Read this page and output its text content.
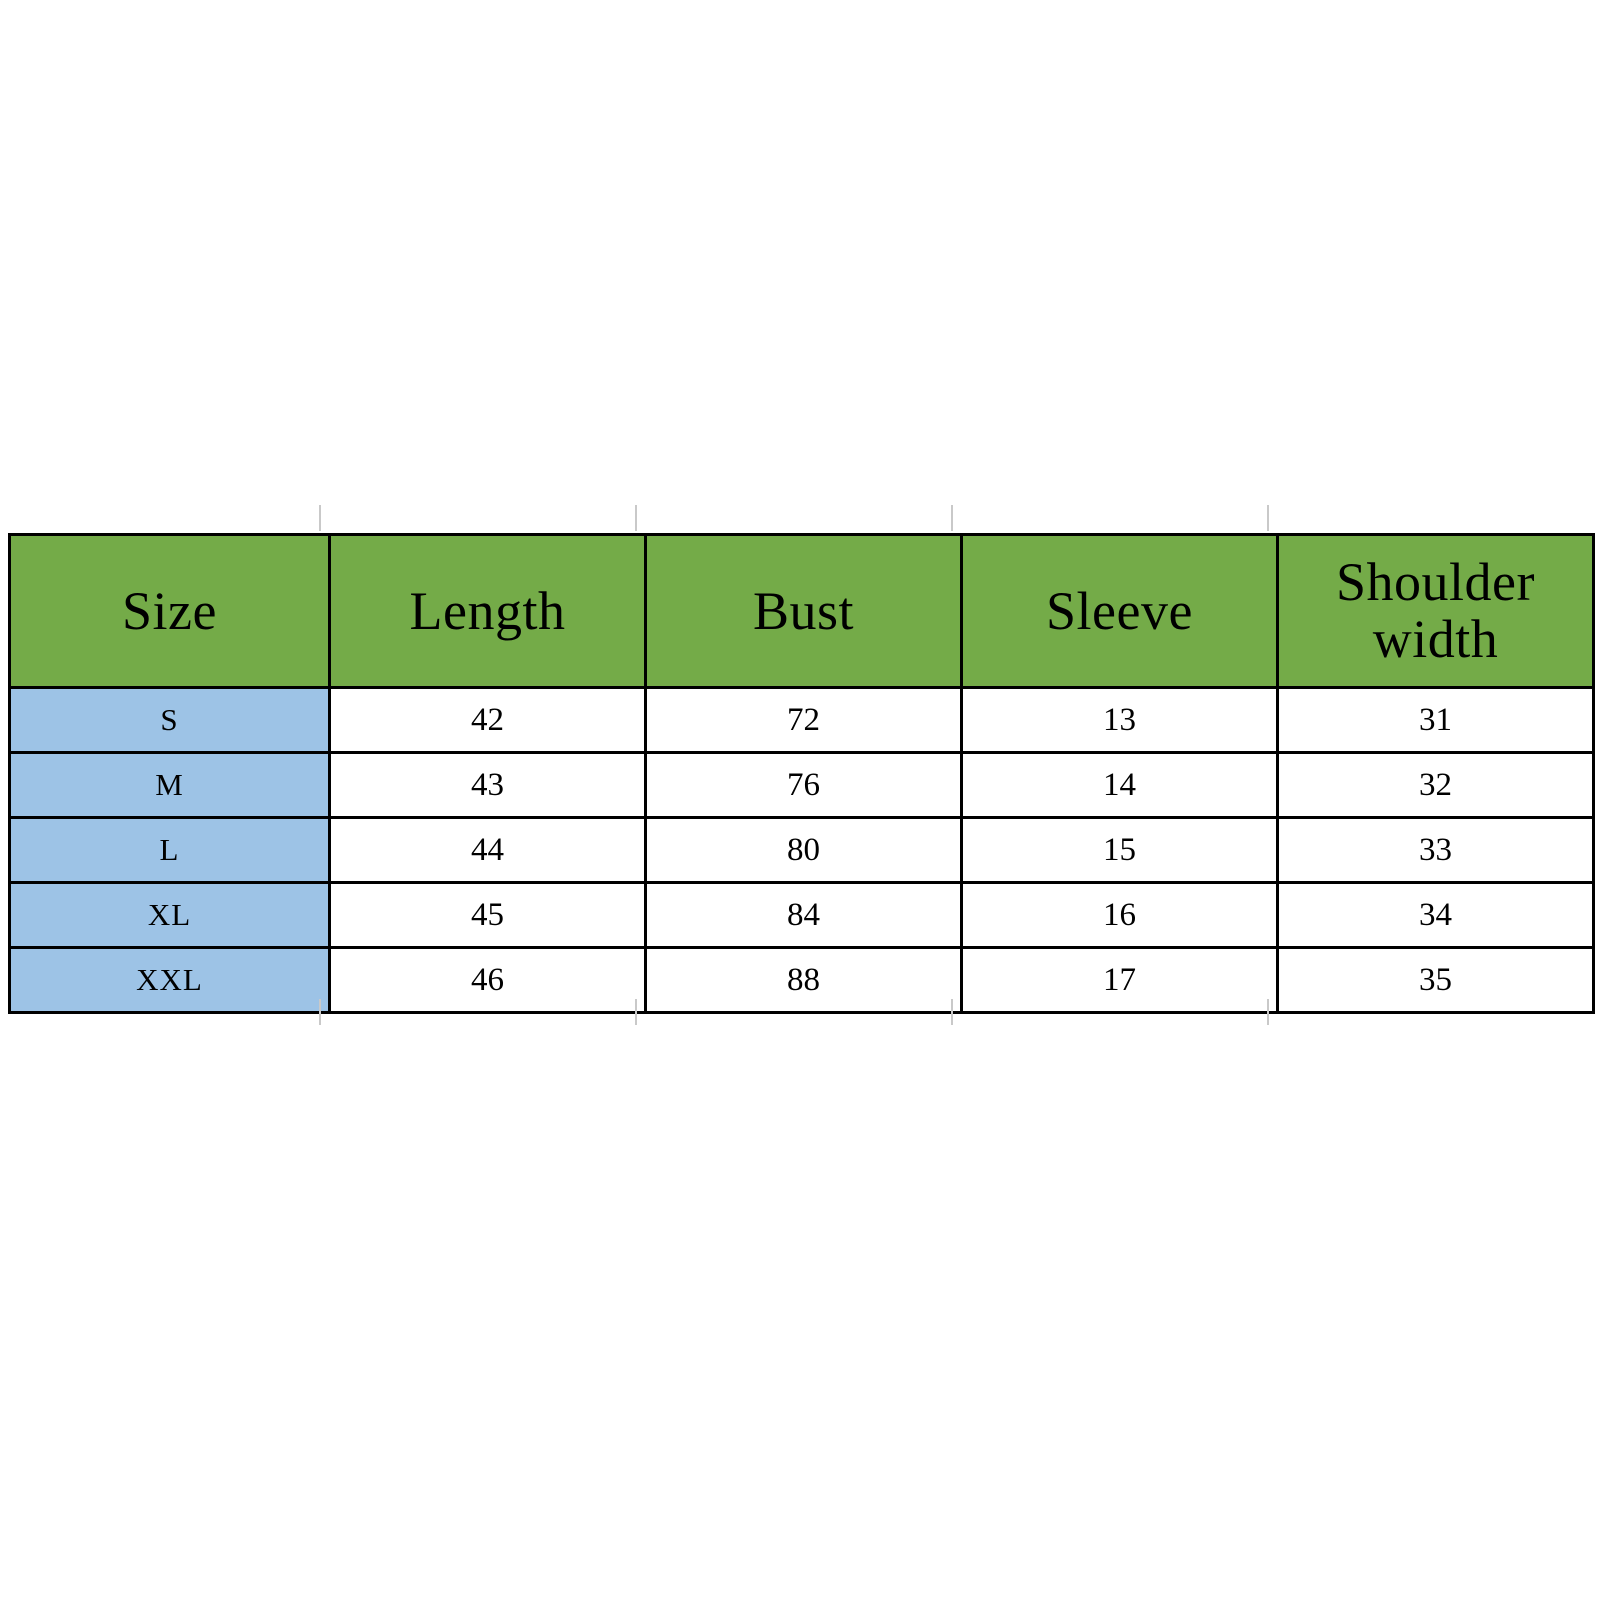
Size	Length	Bust	Sleeve	Shoulder width
S	42	72	13	31
M	43	76	14	32
L	44	80	15	33
XL	45	84	16	34
XXL	46	88	17	35
